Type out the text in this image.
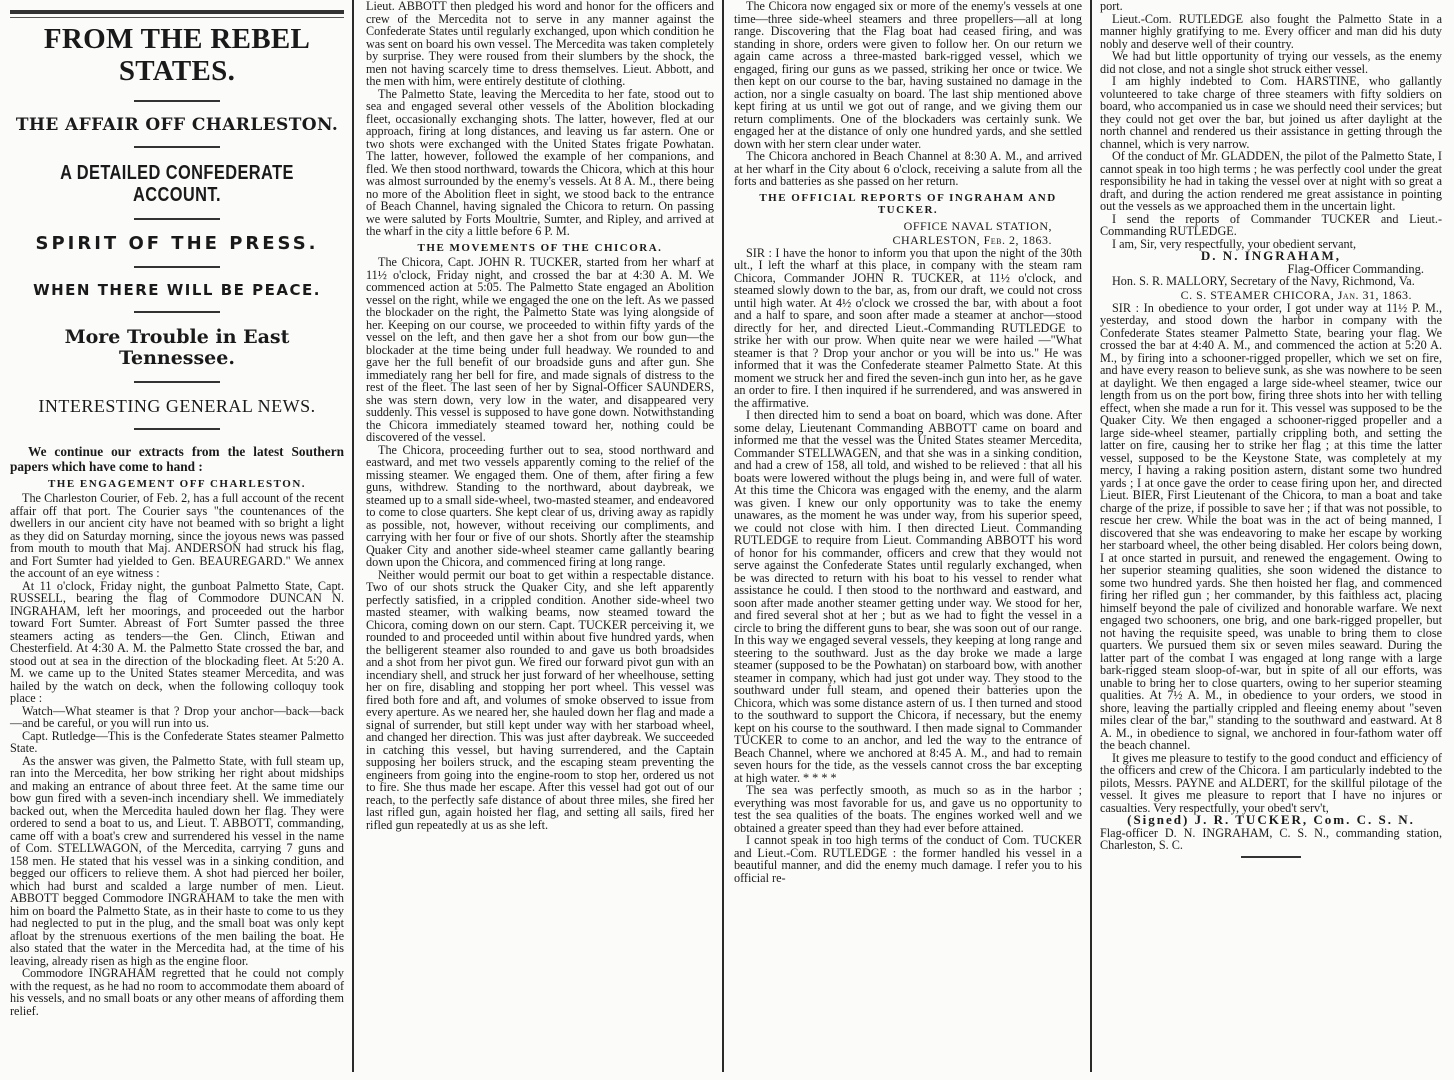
FROM THE REBEL STATES.
THE AFFAIR OFF CHARLESTON.
A DETAILED CONFEDERATE ACCOUNT.
SPIRIT OF THE PRESS.
WHEN THERE WILL BE PEACE.
More Trouble in East Tennessee.
INTERESTING GENERAL NEWS.

We continue our extracts from the latest Southern papers which have come to hand :

THE ENGAGEMENT OFF CHARLESTON.

The Charleston Courier, of Feb. 2, has a full account of the recent affair off that port. The Courier says "the countenances of the dwellers in our ancient city have not beamed with so bright a light as they did on Saturday morning, since the joyous news was passed from mouth to mouth that Maj. ANDERSON had struck his flag, and Fort Sumter had yielded to Gen. BEAUREGARD." We annex the account of an eye witness :

At 11 o'clock, Friday night, the gunboat Palmetto State, Capt. RUSSELL, bearing the flag of Commodore DUNCAN N. INGRAHAM, left her moorings, and proceeded out the harbor toward Fort Sumter. Abreast of Fort Sumter passed the three steamers acting as tenders—the Gen. Clinch, Etiwan and Chesterfield. At 4:30 A. M. the Palmetto State crossed the bar, and stood out at sea in the direction of the blockading fleet. At 5:20 A. M. we came up to the United States steamer Mercedita, and was hailed by the watch on deck, when the following colloquy took place :

Watch—What steamer is that ? Drop your anchor—back—back—and be careful, or you will run into us.

Capt. Rutledge—This is the Confederate States steamer Palmetto State.

As the answer was given, the Palmetto State, with full steam up, ran into the Mercedita, her bow striking her right about midships and making an entrance of about three feet. At the same time our bow gun fired with a seven-inch incendiary shell. We immediately backed out, when the Mercedita hauled down her flag. They were ordered to send a boat to us, and Lieut. T. ABBOTT, commanding, came off with a boat's crew and surrendered his vessel in the name of Com. STELLWAGON, of the Mercedita, carrying 7 guns and 158 men. He stated that his vessel was in a sinking condition, and begged our officers to relieve them. A shot had pierced her boiler, which had burst and scalded a large number of men. Lieut. ABBOTT begged Commodore INGRAHAM to take the men with him on board the Palmetto State, as in their haste to come to us they had neglected to put in the plug, and the small boat was only kept afloat by the strenuous exertions of the men bailing the boat. He also stated that the water in the Mercedita had, at the time of his leaving, already risen as high as the engine floor.

Commodore INGRAHAM regretted that he could not comply with the request, as he had no room to accommodate them aboard of his vessels, and no small boats or any other means of affording them relief.

Lieut. ABBOTT then pledged his word and honor for the officers and crew of the Mercedita not to serve in any manner against the Confederate States until regularly exchanged, upon which condition he was sent on board his own vessel. The Mercedita was taken completely by surprise. They were roused from their slumbers by the shock, the men not having scarcely time to dress themselves. Lieut. Abbott, and the men with him, were entirely destitute of clothing.

The Palmetto State, leaving the Mercedita to her fate, stood out to sea and engaged several other vessels of the Abolition blockading fleet, occasionally exchanging shots. The latter, however, fled at our approach, firing at long distances, and leaving us far astern. One or two shots were exchanged with the United States frigate Powhatan. The latter, however, followed the example of her companions, and fled. We then stood northward, towards the Chicora, which at this hour was almost surrounded by the enemy's vessels. At 8 A. M., there being no more of the Abolition fleet in sight, we stood back to the entrance of Beach Channel, having signaled the Chicora to return. On passing we were saluted by Forts Moultrie, Sumter, and Ripley, and arrived at the wharf in the city a little before 6 P. M.

THE MOVEMENTS OF THE CHICORA.

The Chicora, Capt. JOHN R. TUCKER, started from her wharf at 11½ o'clock, Friday night, and crossed the bar at 4:30 A. M. We commenced action at 5:05. The Palmetto State engaged an Abolition vessel on the right, while we engaged the one on the left. As we passed the blockader on the right, the Palmetto State was lying alongside of her. Keeping on our course, we proceeded to within fifty yards of the vessel on the left, and then gave her a shot from our bow gun—the blockader at the time being under full headway. We rounded to and gave her the full benefit of our broadside guns and after gun. She immediately rang her bell for fire, and made signals of distress to the rest of the fleet. The last seen of her by Signal-Officer SAUNDERS, she was stern down, very low in the water, and disappeared very suddenly. This vessel is supposed to have gone down. Notwithstanding the Chicora immediately steamed toward her, nothing could be discovered of the vessel.

The Chicora, proceeding further out to sea, stood northward and eastward, and met two vessels apparently coming to the relief of the missing steamer. We engaged them. One of them, after firing a few guns, withdrew. Standing to the northward, about daybreak, we steamed up to a small side-wheel, two-masted steamer, and endeavored to come to close quarters. She kept clear of us, driving away as rapidly as possible, not, however, without receiving our compliments, and carrying with her four or five of our shots. Shortly after the steamship Quaker City and another side-wheel steamer came gallantly bearing down upon the Chicora, and commenced firing at long range.

Neither would permit our boat to get within a respectable distance. Two of our shots struck the Quaker City, and she left apparently perfectly satisfied, in a crippled condition. Another side-wheel two masted steamer, with walking beams, now steamed toward the Chicora, coming down on our stern. Capt. TUCKER perceiving it, we rounded to and proceeded until within about five hundred yards, when the belligerent steamer also rounded to and gave us both broadsides and a shot from her pivot gun. We fired our forward pivot gun with an incendiary shell, and struck her just forward of her wheelhouse, setting her on fire, disabling and stopping her port wheel. This vessel was fired both fore and aft, and volumes of smoke observed to issue from every aperture. As we neared her, she hauled down her flag and made a signal of surrender, but still kept under way with her starboad wheel, and changed her direction. This was just after daybreak. We succeeded in catching this vessel, but having surrendered, and the Captain supposing her boilers struck, and the escaping steam preventing the engineers from going into the engine-room to stop her, ordered us not to fire. She thus made her escape. After this vessel had got out of our reach, to the perfectly safe distance of about three miles, she fired her last rifled gun, again hoisted her flag, and setting all sails, fired her rifled gun repeatedly at us as she left.

The Chicora now engaged six or more of the enemy's vessels at one time—three side-wheel steamers and three propellers—all at long range. Discovering that the Flag boat had ceased firing, and was standing in shore, orders were given to follow her. On our return we again came across a three-masted bark-rigged vessel, which we engaged, firing our guns as we passed, striking her once or twice. We then kept on our course to the bar, having sustained no damage in the action, nor a single casualty on board. The last ship mentioned above kept firing at us until we got out of range, and we giving them our return compliments. One of the blockaders was certainly sunk. We engaged her at the distance of only one hundred yards, and she settled down with her stern clear under water.

The Chicora anchored in Beach Channel at 8:30 A. M., and arrived at her wharf in the City about 6 o'clock, receiving a salute from all the forts and batteries as she passed on her return.

THE OFFICIAL REPORTS OF INGRAHAM AND TUCKER.
OFFICE NAVAL STATION,
CHARLESTON, Feb. 2, 1863.

SIR : I have the honor to inform you that upon the night of the 30th ult., I left the wharf at this place, in company with the steam ram Chicora, Commander JOHN R. TUCKER, at 11½ o'clock, and steamed slowly down to the bar, as, from our draft, we could not cross until high water. At 4½ o'clock we crossed the bar, with about a foot and a half to spare, and soon after made a steamer at anchor—stood directly for her, and directed Lieut.-Commanding RUTLEDGE to strike her with our prow. When quite near we were hailed —"What steamer is that ? Drop your anchor or you will be into us." He was informed that it was the Confederate steamer Palmetto State. At this moment we struck her and fired the seven-inch gun into her, as he gave an order to fire. I then inquired if he surrendered, and was answered in the affirmative.

I then directed him to send a boat on board, which was done. After some delay, Lieutenant Commanding ABBOTT came on board and informed me that the vessel was the United States steamer Mercedita, Commander STELLWAGEN, and that she was in a sinking condition, and had a crew of 158, all told, and wished to be relieved : that all his boats were lowered without the plugs being in, and were full of water. At this time the Chicora was engaged with the enemy, and the alarm was given. I knew our only opportunity was to take the enemy unawares, as the moment he was under way, from his superior speed, we could not close with him. I then directed Lieut. Commanding RUTLEDGE to require from Lieut. Commanding ABBOTT his word of honor for his commander, officers and crew that they would not serve against the Confederate States until regularly exchanged, when be was directed to return with his boat to his vessel to render what assistance he could. I then stood to the northward and eastward, and soon after made another steamer getting under way. We stood for her, and fired several shot at her ; but as we had to fight the vessel in a circle to bring the different guns to bear, she was soon out of our range. In this way we engaged several vessels, they keeping at long range and steering to the southward. Just as the day broke we made a large steamer (supposed to be the Powhatan) on starboard bow, with another steamer in company, which had just got under way. They stood to the southward under full steam, and opened their batteries upon the Chicora, which was some distance astern of us. I then turned and stood to the southward to support the Chicora, if necessary, but the enemy kept on his course to the southward. I then made signal to Commander TUCKER to come to an anchor, and led the way to the entrance of Beach Channel, where we anchored at 8:45 A. M., and had to remain seven hours for the tide, as the vessels cannot cross the bar excepting at high water. * * * *

The sea was perfectly smooth, as much so as in the harbor ; everything was most favorable for us, and gave us no opportunity to test the sea qualities of the boats. The engines worked well and we obtained a greater speed than they had ever before attained.

I cannot speak in too high terms of the conduct of Com. TUCKER and Lieut.-Com. RUTLEDGE : the former handled his vessel in a beautiful manner, and did the enemy much damage. I refer you to his official re-

port.

Lieut.-Com. RUTLEDGE also fought the Palmetto State in a manner highly gratifying to me. Every officer and man did his duty nobly and deserve well of their country.

We had but little opportunity of trying our vessels, as the enemy did not close, and not a single shot struck either vessel.

I am highly indebted to Com. HARSTINE, who gallantly volunteered to take charge of three steamers with fifty soldiers on board, who accompanied us in case we should need their services; but they could not get over the bar, but joined us after daylight at the north channel and rendered us their assistance in getting through the channel, which is very narrow.

Of the conduct of Mr. GLADDEN, the pilot of the Palmetto State, I cannot speak in too high terms ; he was perfectly cool under the great responsibility he had in taking the vessel over at night with so great a draft, and during the action rendered me great assistance in pointing out the vessels as we approached them in the uncertain light.

I send the reports of Commander TUCKER and Lieut.-Commanding RUTLEDGE.

I am, Sir, very respectfully, your obedient servant,

D. N. INGRAHAM,
Flag-Officer Commanding.

Hon. S. R. MALLORY, Secretary of the Navy, Richmond, Va.

C. S. STEAMER CHICORA, Jan. 31, 1863.

SIR : In obedience to your order, I got under way at 11½ P. M., yesterday, and stood down the harbor in company with the Confederate States steamer Palmetto State, bearing your flag. We crossed the bar at 4:40 A. M., and commenced the action at 5:20 A. M., by firing into a schooner-rigged propeller, which we set on fire, and have every reason to believe sunk, as she was nowhere to be seen at daylight. We then engaged a large side-wheel steamer, twice our length from us on the port bow, firing three shots into her with telling effect, when she made a run for it. This vessel was supposed to be the Quaker City. We then engaged a schooner-rigged propeller and a large side-wheel steamer, partially crippling both, and setting the latter on fire, causing her to strike her flag ; at this time the latter vessel, supposed to be the Keystone State, was completely at my mercy, I having a raking position astern, distant some two hundred yards ; I at once gave the order to cease firing upon her, and directed Lieut. BIER, First Lieutenant of the Chicora, to man a boat and take charge of the prize, if possible to save her ; if that was not possible, to rescue her crew. While the boat was in the act of being manned, I discovered that she was endeavoring to make her escape by working her starboard wheel, the other being disabled. Her colors being down, I at once started in pursuit, and renewed the engagement. Owing to her superior steaming qualities, she soon widened the distance to some two hundred yards. She then hoisted her flag, and commenced firing her rifled gun ; her commander, by this faithless act, placing himself beyond the pale of civilized and honorable warfare. We next engaged two schooners, one brig, and one bark-rigged propeller, but not having the requisite speed, was unable to bring them to close quarters. We pursued them six or seven miles seaward. During the latter part of the combat I was engaged at long range with a large bark-rigged steam sloop-of-war, but in spite of all our efforts, was unable to bring her to close quarters, owing to her superior steaming qualities. At 7½ A. M., in obedience to your orders, we stood in shore, leaving the partially crippled and fleeing enemy about "seven miles clear of the bar," standing to the southward and eastward. At 8 A. M., in obedience to signal, we anchored in four-fathom water off the beach channel.

It gives me pleasure to testify to the good conduct and efficiency of the officers and crew of the Chicora. I am particularly indebted to the pilots, Messrs. PAYNE and ALDERT, for the skillful pilotage of the vessel. It gives me pleasure to report that I have no injures or casualties. Very respectfully, your obed't serv't,

(Signed) J. R. TUCKER, Com. C. S. N.

Flag-officer D. N. INGRAHAM, C. S. N., commanding station, Charleston, S. C.
